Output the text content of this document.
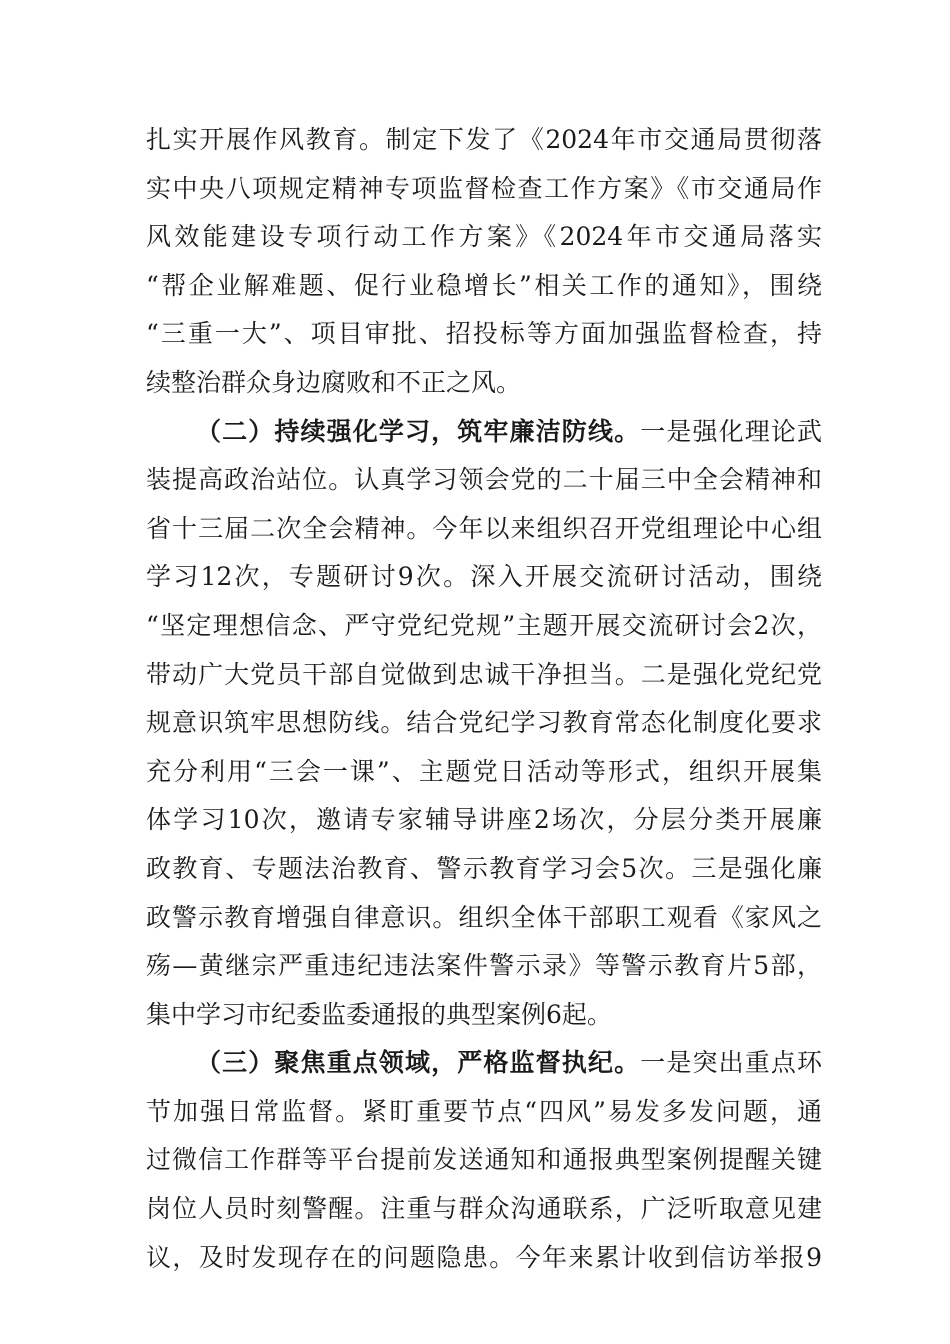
扎实开展作风教育。制定下发了《2024年市交通局贯彻落
实中央八项规定精神专项监督检查工作方案》《市交通局作
风效能建设专项行动工作方案》《2024年市交通局落实
“帮企业解难题、促行业稳增长”相关工作的通知》，围绕
“三重一大”、项目审批、招投标等方面加强监督检查，持
续整治群众身边腐败和不正之风。
（二）持续强化学习，筑牢廉洁防线。一是强化理论武
装提高政治站位。认真学习领会党的二十届三中全会精神和
省十三届二次全会精神。今年以来组织召开党组理论中心组
学习12次，专题研讨9次。深入开展交流研讨活动，围绕
“坚定理想信念、严守党纪党规”主题开展交流研讨会2次，
带动广大党员干部自觉做到忠诚干净担当。二是强化党纪党
规意识筑牢思想防线。结合党纪学习教育常态化制度化要求
充分利用“三会一课”、主题党日活动等形式，组织开展集
体学习10次，邀请专家辅导讲座2场次，分层分类开展廉
政教育、专题法治教育、警示教育学习会5次。三是强化廉
政警示教育增强自律意识。组织全体干部职工观看《家风之
殇—黄继宗严重违纪违法案件警示录》等警示教育片5部，
集中学习市纪委监委通报的典型案例6起。
（三）聚焦重点领域，严格监督执纪。一是突出重点环
节加强日常监督。紧盯重要节点“四风”易发多发问题，通
过微信工作群等平台提前发送通知和通报典型案例提醒关键
岗位人员时刻警醒。注重与群众沟通联系，广泛听取意见建
议，及时发现存在的问题隐患。今年来累计收到信访举报9
